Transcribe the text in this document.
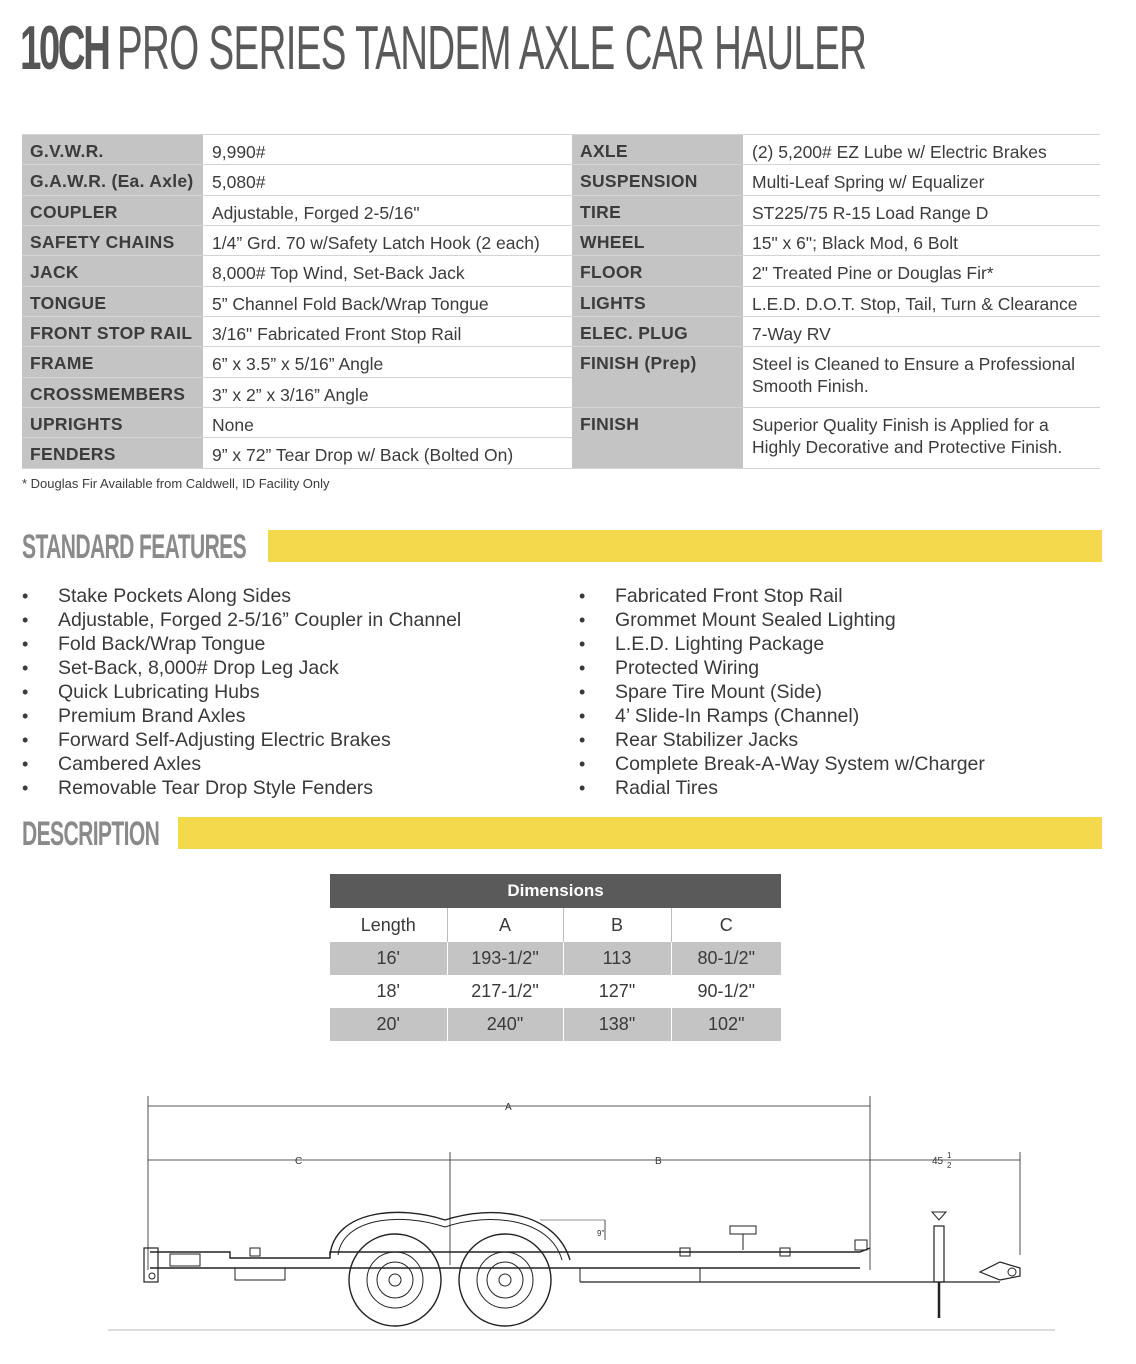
10CH PRO SERIES TANDEM AXLE CAR HAULER
G.V.W.R.	9,990#
G.A.W.R. (Ea. Axle)	5,080#
COUPLER	Adjustable, Forged 2-5/16"
SAFETY CHAINS	1/4” Grd. 70 w/Safety Latch Hook (2 each)
JACK	8,000# Top Wind, Set-Back Jack
TONGUE	5” Channel Fold Back/Wrap Tongue
FRONT STOP RAIL	3/16" Fabricated Front Stop Rail
FRAME	6” x 3.5” x 5/16” Angle
CROSSMEMBERS	3” x 2” x 3/16” Angle
UPRIGHTS	None
FENDERS	9” x 72” Tear Drop w/ Back (Bolted On)
AXLE	(2) 5,200# EZ Lube w/ Electric Brakes
SUSPENSION	Multi-Leaf Spring w/ Equalizer
TIRE	ST225/75 R-15 Load Range D
WHEEL	15" x 6"; Black Mod, 6 Bolt
FLOOR	2" Treated Pine or Douglas Fir*
LIGHTS	L.E.D. D.O.T. Stop, Tail, Turn & Clearance
ELEC. PLUG	7-Way RV
FINISH (Prep)	Steel is Cleaned to Ensure a Professional Smooth Finish.
FINISH	Superior Quality Finish is Applied for a Highly Decorative and Protective Finish.
* Douglas Fir Available from Caldwell, ID Facility Only
STANDARD FEATURES
• Stake Pockets Along Sides
• Adjustable, Forged 2-5/16” Coupler in Channel
• Fold Back/Wrap Tongue
• Set-Back, 8,000# Drop Leg Jack
• Quick Lubricating Hubs
• Premium Brand Axles
• Forward Self-Adjusting Electric Brakes
• Cambered Axles
• Removable Tear Drop Style Fenders
• Fabricated Front Stop Rail
• Grommet Mount Sealed Lighting
• L.E.D. Lighting Package
• Protected Wiring
• Spare Tire Mount (Side)
• 4’ Slide-In Ramps (Channel)
• Rear Stabilizer Jacks
• Complete Break-A-Way System w/Charger
• Radial Tires
DESCRIPTION
Dimensions
Length	A	B	C
16'	193-1/2"	113	80-1/2"
18'	217-1/2"	127"	90-1/2"
20'	240"	138"	102"
A
C	B	45
1
2
9"
